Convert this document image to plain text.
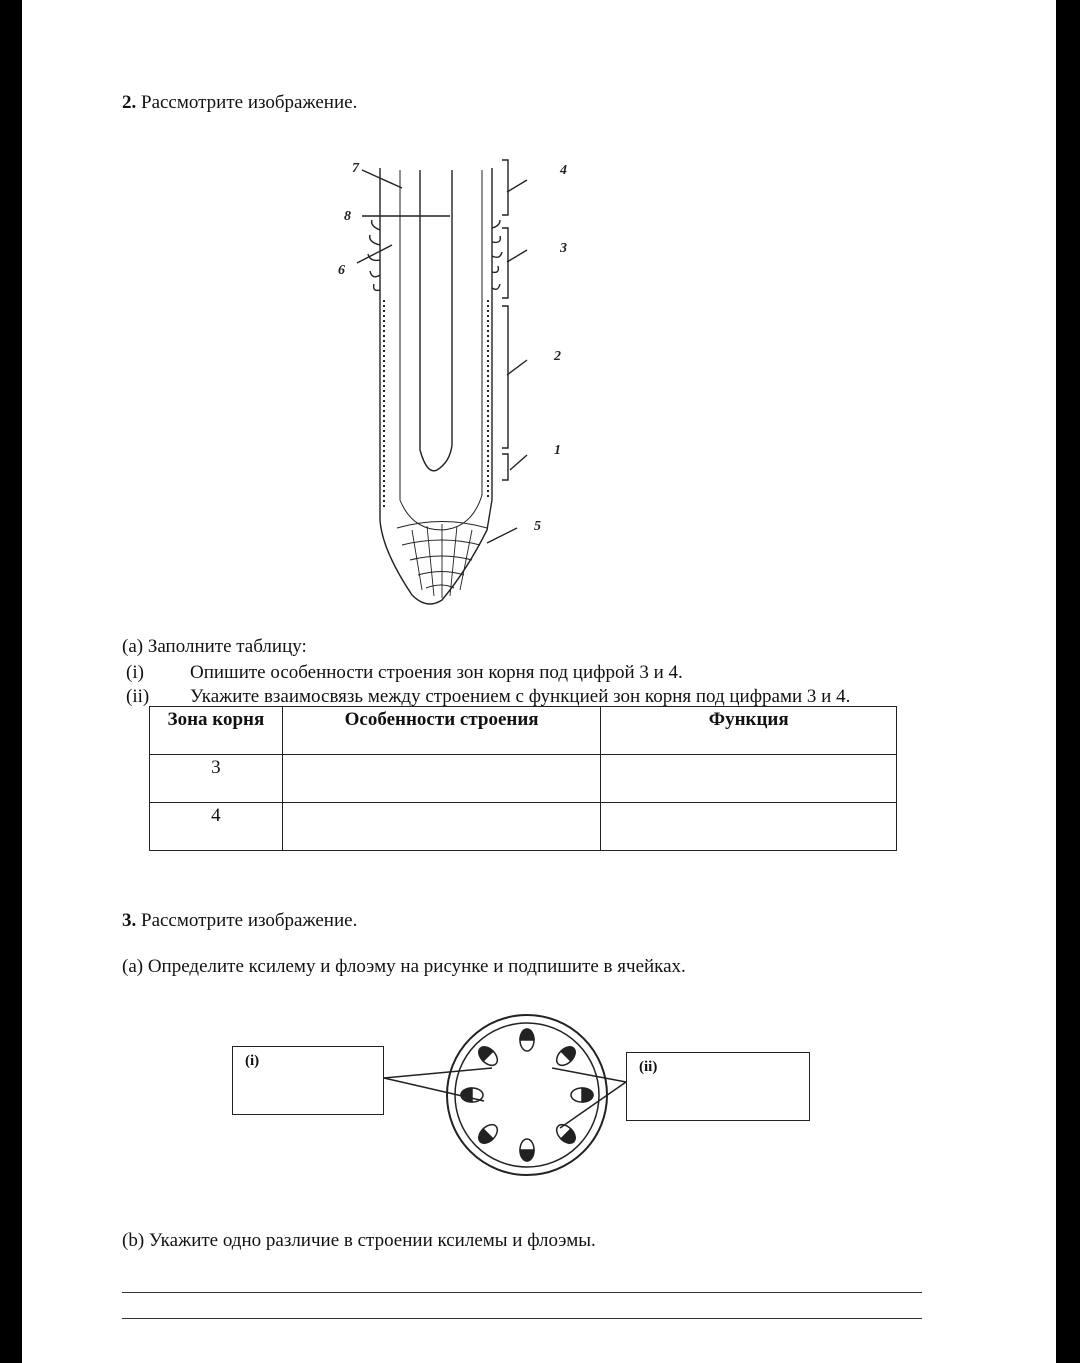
2. Рассмотрите изображение.
7
8
6
4
3
2
1
5
(a) Заполните таблицу:
(i) Опишите особенности строения зон корня под цифрой 3 и 4.
(ii) Укажите взаимосвязь между строением с функцией зон корня под цифрами 3 и 4.
Зона корня	Особенности строения	Функция
3		
4		
3. Рассмотрите изображение.
(a) Определите ксилему и флоэму на рисунке и подпишите в ячейках.
(i)	(ii)
(b) Укажите одно различие в строении ксилемы и флоэмы.
